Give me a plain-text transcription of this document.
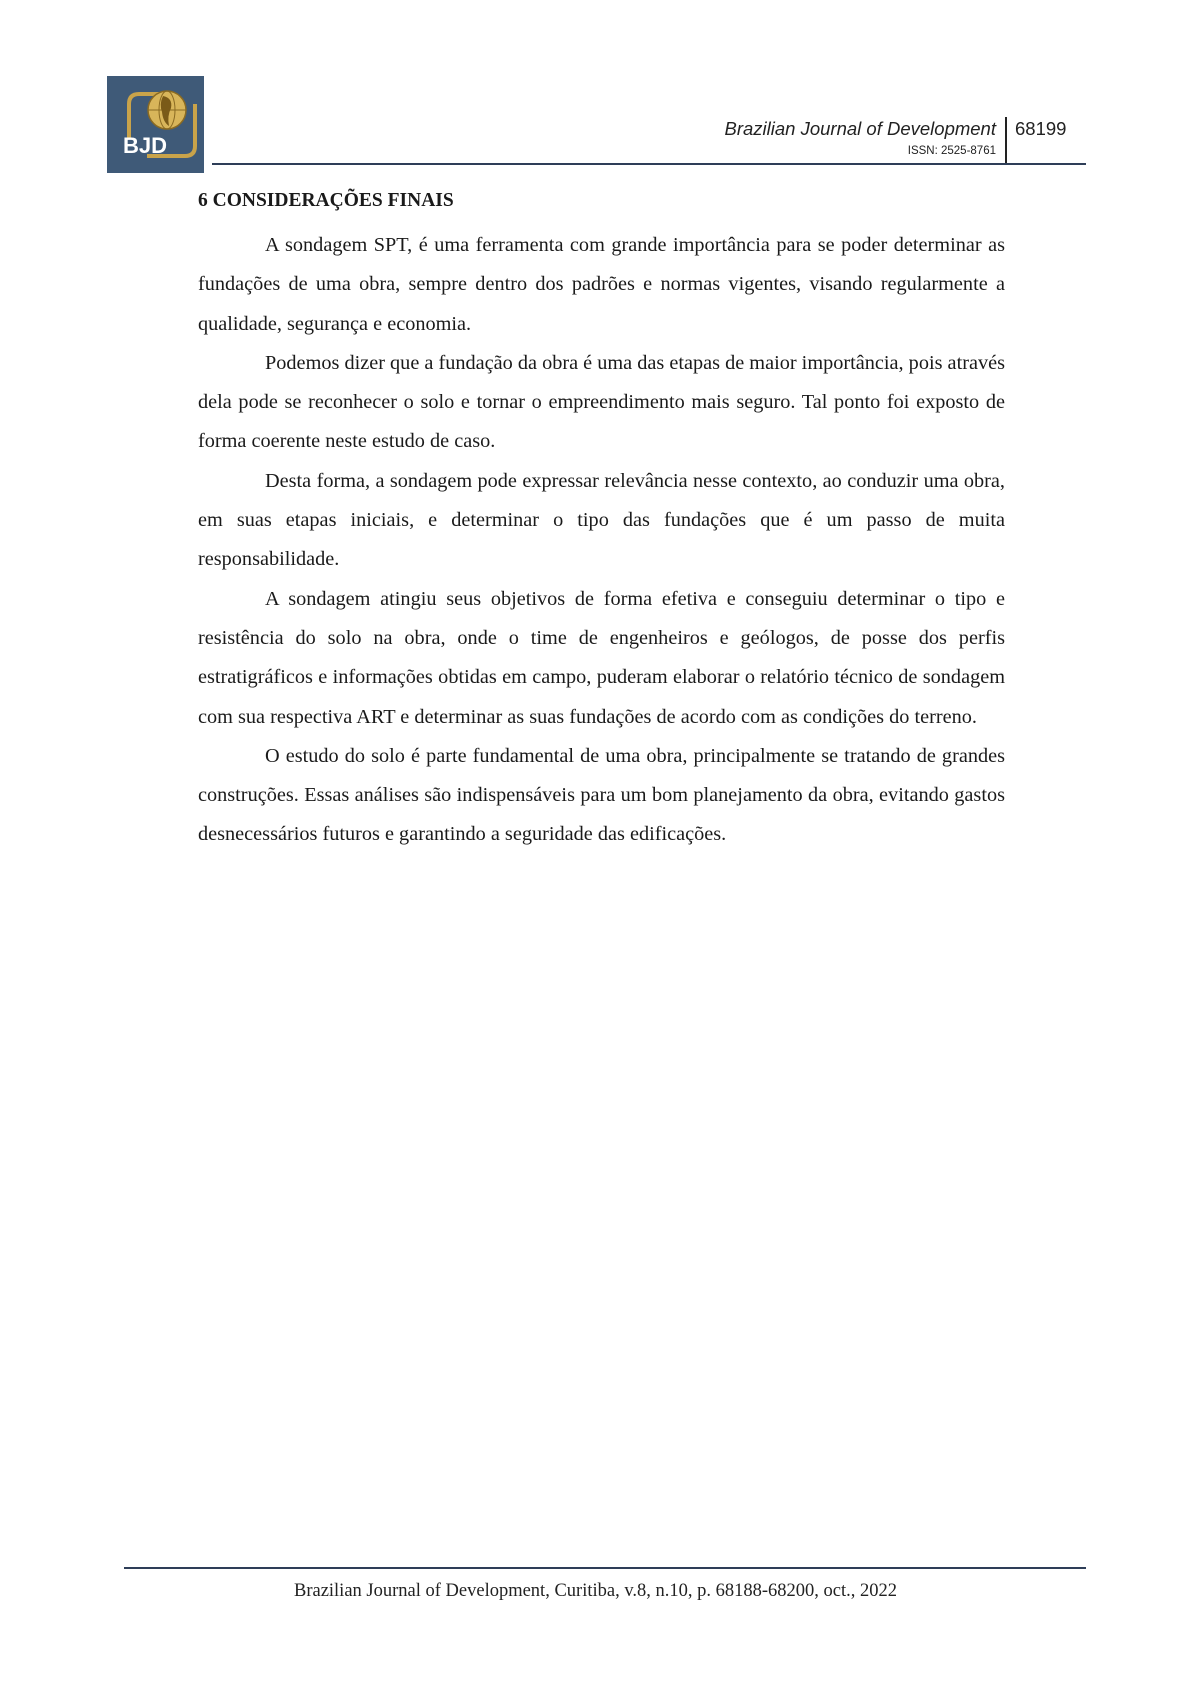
BJD
Brazilian Journal of Development
ISSN: 2525-8761
68199
6 CONSIDERAÇÕES FINAIS

A sondagem SPT, é uma ferramenta com grande importância para se poder determinar as fundações de uma obra, sempre dentro dos padrões e normas vigentes, visando regularmente a qualidade, segurança e economia.

Podemos dizer que a fundação da obra é uma das etapas de maior importância, pois através dela pode se reconhecer o solo e tornar o empreendimento mais seguro. Tal ponto foi exposto de forma coerente neste estudo de caso.

Desta forma, a sondagem pode expressar relevância nesse contexto, ao conduzir uma obra, em suas etapas iniciais, e determinar o tipo das fundações que é um passo de muita responsabilidade.

A sondagem atingiu seus objetivos de forma efetiva e conseguiu determinar o tipo e resistência do solo na obra, onde o time de engenheiros e geólogos, de posse dos perfis estratigráficos e informações obtidas em campo, puderam elaborar o relatório técnico de sondagem com sua respectiva ART e determinar as suas fundações de acordo com as condições do terreno.

O estudo do solo é parte fundamental de uma obra, principalmente se tratando de grandes construções. Essas análises são indispensáveis para um bom planejamento da obra, evitando gastos desnecessários futuros e garantindo a seguridade das edificações.

Brazilian Journal of Development, Curitiba, v.8, n.10, p. 68188-68200, oct., 2022
